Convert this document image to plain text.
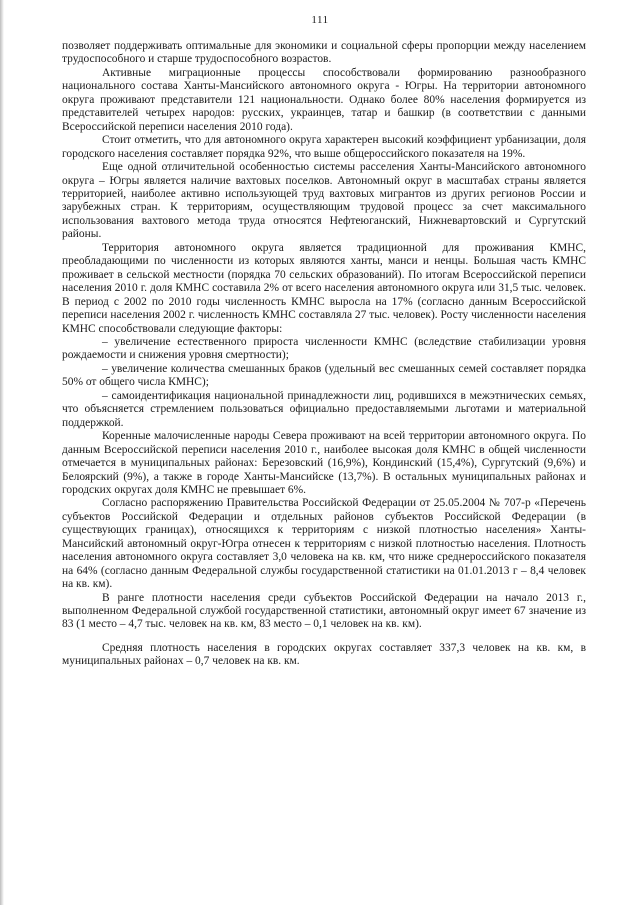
111

позволяет поддерживать оптимальные для экономики и социальной сферы пропорции между населением трудоспособного и старше трудоспособного возрастов.

Активные миграционные процессы способствовали формированию разнообразного национального состава Ханты-Мансийского автономного округа - Югры. На территории автономного округа проживают представители 121 национальности. Однако более 80% населения формируется из представителей четырех народов: русских, украинцев, татар и башкир (в соответствии с данными Всероссийской переписи населения 2010 года).

Стоит отметить, что для автономного округа характерен высокий коэффициент урбанизации, доля городского населения составляет порядка 92%, что выше общероссийского показателя на 19%.

Еще одной отличительной особенностью системы расселения Ханты-Мансийского автономного округа – Югры является наличие вахтовых поселков. Автономный округ в масштабах страны является территорией, наиболее активно использующей труд вахтовых мигрантов из других регионов России и зарубежных стран. К территориям, осуществляющим трудовой процесс за счет максимального использования вахтового метода труда относятся Нефтеюганский, Нижневартовский и Сургутский районы.

Территория автономного округа является традиционной для проживания КМНС, преобладающими по численности из которых являются ханты, манси и ненцы. Большая часть КМНС проживает в сельской местности (порядка 70 сельских образований). По итогам Всероссийской переписи населения 2010 г. доля КМНС составила 2% от всего населения автономного округа или 31,5 тыс. человек. В период с 2002 по 2010 годы численность КМНС выросла на 17% (согласно данным Всероссийской переписи населения 2002 г. численность КМНС составляла 27 тыс. человек). Росту численности населения КМНС способствовали следующие факторы:

– увеличение естественного прироста численности КМНС (вследствие стабилизации уровня рождаемости и снижения уровня смертности);

– увеличение количества смешанных браков (удельный вес смешанных семей составляет порядка 50% от общего числа КМНС);

– самоидентификация национальной принадлежности лиц, родившихся в межэтнических семьях, что объясняется стремлением пользоваться официально предоставляемыми льготами и материальной поддержкой.

Коренные малочисленные народы Севера проживают на всей территории автономного округа. По данным Всероссийской переписи населения 2010 г., наиболее высокая доля КМНС в общей численности отмечается в муниципальных районах: Березовский (16,9%), Кондинский (15,4%), Сургутский (9,6%) и Белоярский (9%), а также в городе Ханты-Мансийске (13,7%). В остальных муниципальных районах и городских округах доля КМНС не превышает 6%.

Согласно распоряжению Правительства Российской Федерации от 25.05.2004 № 707-р «Перечень субъектов Российской Федерации и отдельных районов субъектов Российской Федерации (в существующих границах), относящихся к территориям с низкой плотностью населения» Ханты-Мансийский автономный округ-Югра отнесен к территориям с низкой плотностью населения. Плотность населения автономного округа составляет 3,0 человека на кв. км, что ниже среднероссийского показателя на 64% (согласно данным Федеральной службы государственной статистики на 01.01.2013 г – 8,4 человек на кв. км).

В ранге плотности населения среди субъектов Российской Федерации на начало 2013 г., выполненном Федеральной службой государственной статистики, автономный округ имеет 67 значение из 83 (1 место – 4,7 тыс. человек на кв. км, 83 место – 0,1 человек на кв. км).

Средняя плотность населения в городских округах составляет 337,3 человек на кв. км, в муниципальных районах – 0,7 человек на кв. км.
